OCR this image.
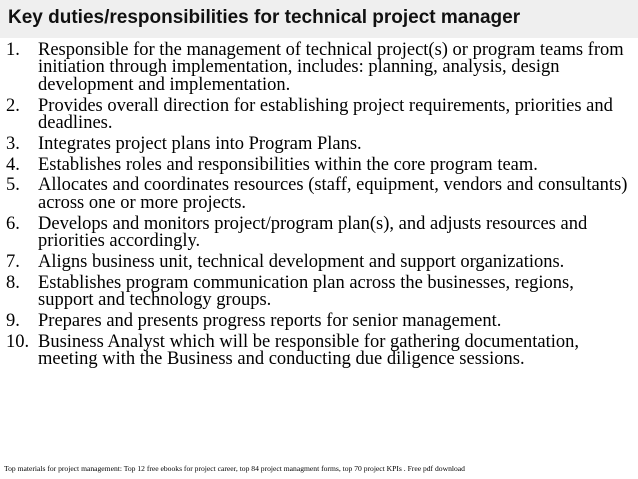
Key duties/responsibilities for technical project manager
1. Responsible for the management of technical project(s) or program teams from initiation through implementation, includes: planning, analysis, design development and implementation.
2. Provides overall direction for establishing project requirements, priorities and deadlines.
3. Integrates project plans into Program Plans.
4. Establishes roles and responsibilities within the core program team.
5. Allocates and coordinates resources (staff, equipment, vendors and consultants) across one or more projects.
6. Develops and monitors project/program plan(s), and adjusts resources and priorities accordingly.
7. Aligns business unit, technical development and support organizations.
8. Establishes program communication plan across the businesses, regions, support and technology groups.
9. Prepares and presents progress reports for senior management.
10. Business Analyst which will be responsible for gathering documentation, meeting with the Business and conducting due diligence sessions.
Top materials for project management: Top 12 free ebooks for project career, top 84 project managment forms, top 70 project KPIs . Free pdf download
